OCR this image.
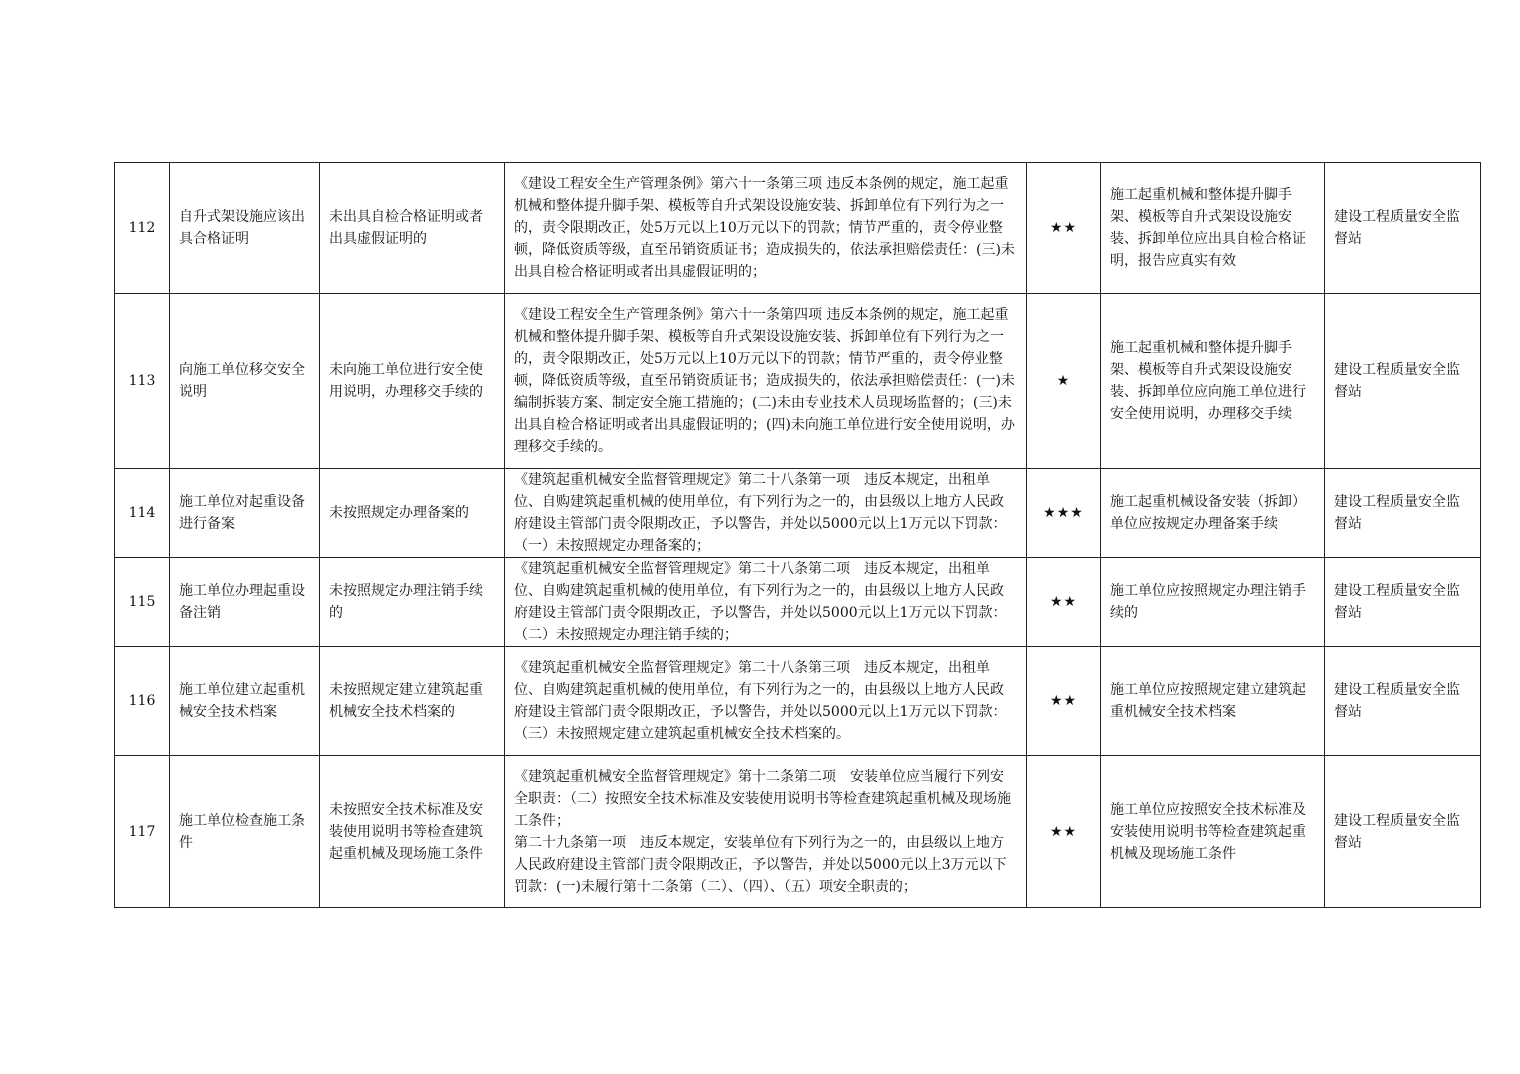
112	自升式架设施应该出具合格证明	未出具自检合格证明或者出具虚假证明的	《建设工程安全生产管理条例》第六十一条第三项 违反本条例的规定，施工起重机械和整体提升脚手架、模板等自升式架设设施安装、拆卸单位有下列行为之一的，责令限期改正，处5万元以上10万元以下的罚款；情节严重的，责令停业整顿，降低资质等级，直至吊销资质证书；造成损失的，依法承担赔偿责任：(三)未出具自检合格证明或者出具虚假证明的；	★★	施工起重机械和整体提升脚手架、模板等自升式架设设施安装、拆卸单位应出具自检合格证明，报告应真实有效	建设工程质量安全监督站
113	向施工单位移交安全说明	未向施工单位进行安全使用说明，办理移交手续的	《建设工程安全生产管理条例》第六十一条第四项 违反本条例的规定，施工起重机械和整体提升脚手架、模板等自升式架设设施安装、拆卸单位有下列行为之一的，责令限期改正，处5万元以上10万元以下的罚款；情节严重的，责令停业整顿，降低资质等级，直至吊销资质证书；造成损失的，依法承担赔偿责任：(一)未编制拆装方案、制定安全施工措施的；(二)未由专业技术人员现场监督的；(三)未出具自检合格证明或者出具虚假证明的；(四)未向施工单位进行安全使用说明，办理移交手续的。	★	施工起重机械和整体提升脚手架、模板等自升式架设设施安装、拆卸单位应向施工单位进行安全使用说明，办理移交手续	建设工程质量安全监督站
114	施工单位对起重设备进行备案	未按照规定办理备案的	《建筑起重机械安全监督管理规定》第二十八条第一项　违反本规定，出租单位、自购建筑起重机械的使用单位，有下列行为之一的，由县级以上地方人民政府建设主管部门责令限期改正，予以警告，并处以5000元以上1万元以下罚款：（一）未按照规定办理备案的；	★★★	施工起重机械设备安装（拆卸）单位应按规定办理备案手续	建设工程质量安全监督站
115	施工单位办理起重设备注销	未按照规定办理注销手续的	《建筑起重机械安全监督管理规定》第二十八条第二项　违反本规定，出租单位、自购建筑起重机械的使用单位，有下列行为之一的，由县级以上地方人民政府建设主管部门责令限期改正，予以警告，并处以5000元以上1万元以下罚款：（二）未按照规定办理注销手续的；	★★	施工单位应按照规定办理注销手续的	建设工程质量安全监督站
116	施工单位建立起重机械安全技术档案	未按照规定建立建筑起重机械安全技术档案的	《建筑起重机械安全监督管理规定》第二十八条第三项　违反本规定，出租单位、自购建筑起重机械的使用单位，有下列行为之一的，由县级以上地方人民政府建设主管部门责令限期改正，予以警告，并处以5000元以上1万元以下罚款：（三）未按照规定建立建筑起重机械安全技术档案的。	★★	施工单位应按照规定建立建筑起重机械安全技术档案	建设工程质量安全监督站
117	施工单位检查施工条件	未按照安全技术标准及安装使用说明书等检查建筑起重机械及现场施工条件	《建筑起重机械安全监督管理规定》第十二条第二项　安装单位应当履行下列安全职责：（二）按照安全技术标准及安装使用说明书等检查建筑起重机械及现场施工条件；
第二十九条第一项　违反本规定，安装单位有下列行为之一的，由县级以上地方人民政府建设主管部门责令限期改正，予以警告，并处以5000元以上3万元以下罚款：(一)未履行第十二条第（二）、（四）、（五）项安全职责的；	★★	施工单位应按照安全技术标准及安装使用说明书等检查建筑起重机械及现场施工条件	建设工程质量安全监督站
